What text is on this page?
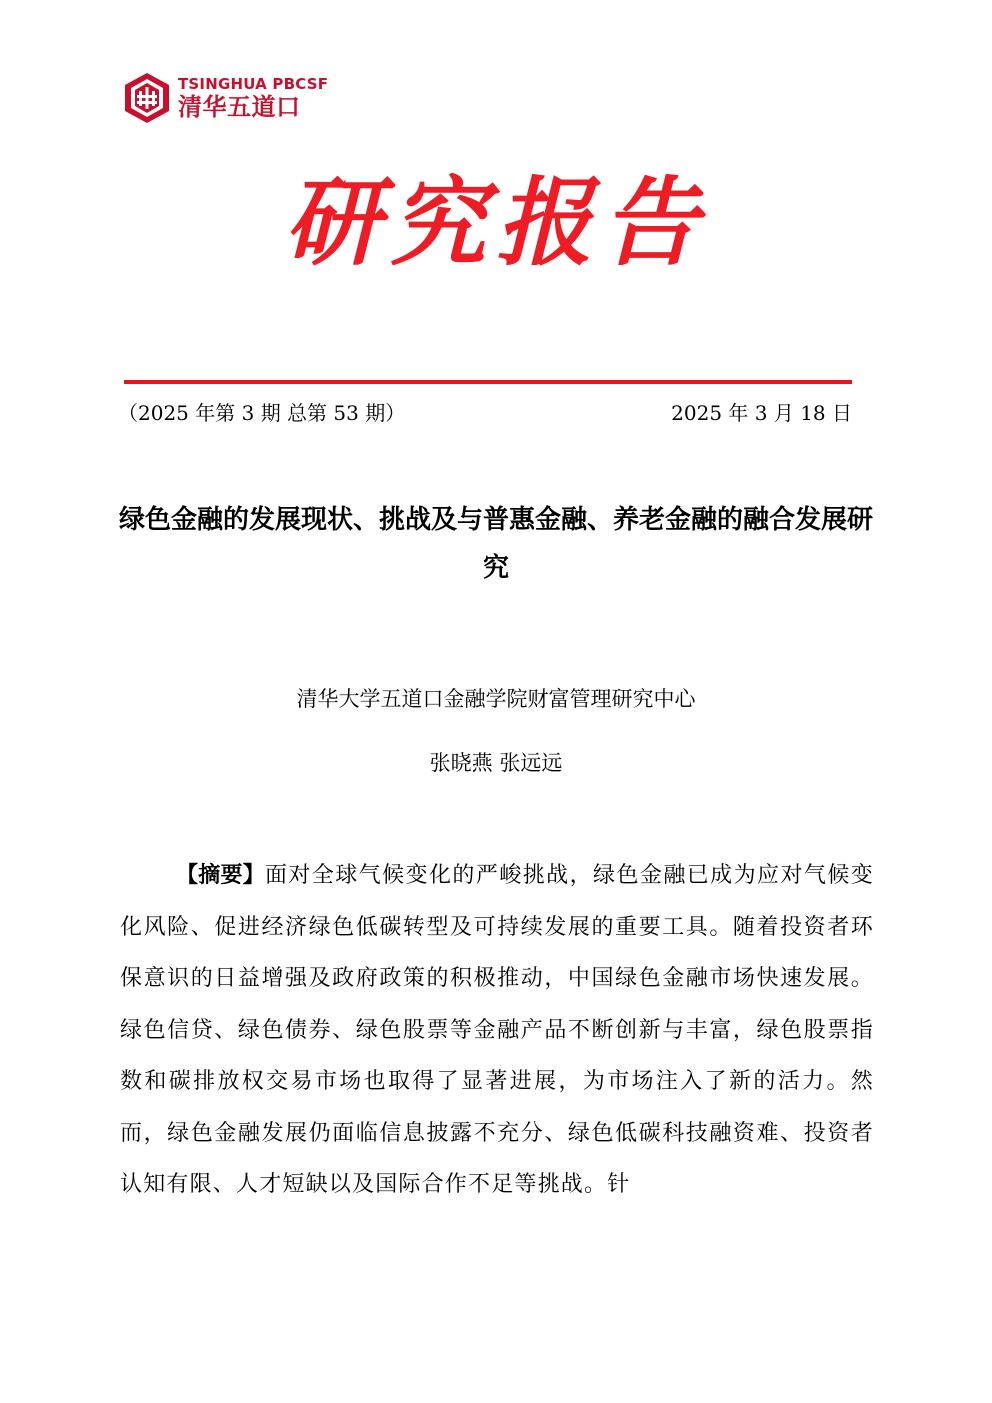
TSINGHUA PBCSF
清华五道口
研究报告
（2025 年第 3 期 总第 53 期）	2025 年 3 月 18 日
绿色金融的发展现状、挑战及与普惠金融、养老金融的融合发展研究
清华大学五道口金融学院财富管理研究中心
张晓燕 张远远
【摘要】面对全球气候变化的严峻挑战，绿色金融已成为应对气候变化风险、促进经济绿色低碳转型及可持续发展的重要工具。随着投资者环保意识的日益增强及政府政策的积极推动，中国绿色金融市场快速发展。绿色信贷、绿色债券、绿色股票等金融产品不断创新与丰富，绿色股票指数和碳排放权交易市场也取得了显著进展，为市场注入了新的活力。然而，绿色金融发展仍面临信息披露不充分、绿色低碳科技融资难、投资者认知有限、人才短缺以及国际合作不足等挑战。针
